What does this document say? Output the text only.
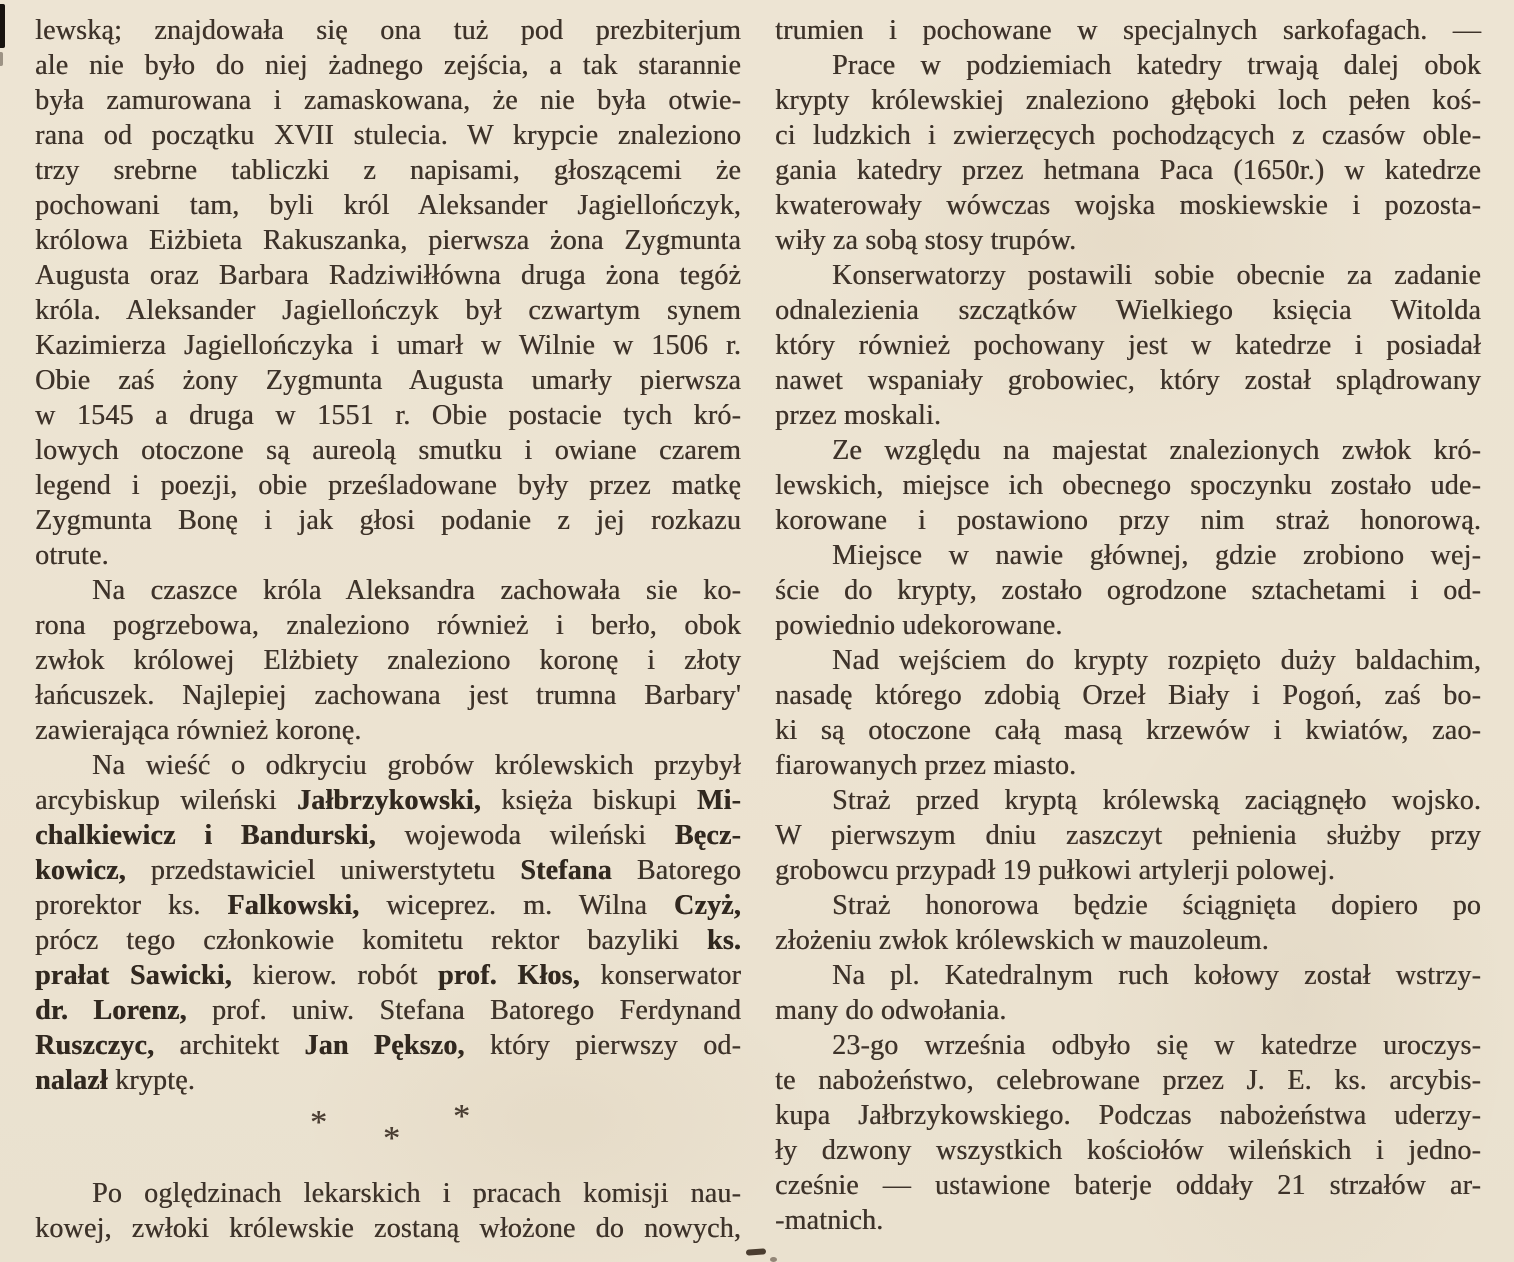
lewską; znajdowała się ona tuż pod prezbiterjum
ale nie było do niej żadnego zejścia, a tak starannie
była zamurowana i zamaskowana, że nie była otwie-
rana od początku XVII stulecia. W krypcie znaleziono
trzy srebrne tabliczki z napisami, głoszącemi że
pochowani tam, byli król Aleksander Jagiellończyk,
królowa Eiżbieta Rakuszanka, pierwsza żona Zygmunta
Augusta oraz Barbara Radziwiłłówna druga żona tegóż
króla. Aleksander Jagiellończyk był czwartym synem
Kazimierza Jagiellończyka i umarł w Wilnie w 1506 r.
Obie zaś żony Zygmunta Augusta umarły pierwsza
w 1545 a druga w 1551 r. Obie postacie tych kró-
lowych otoczone są aureolą smutku i owiane czarem
legend i poezji, obie prześladowane były przez matkę
Zygmunta Bonę i jak głosi podanie z jej rozkazu
otrute.
Na czaszce króla Aleksandra zachowała sie ko-
rona pogrzebowa, znaleziono również i berło, obok
zwłok królowej Elżbiety znaleziono koronę i złoty
łańcuszek. Najlepiej zachowana jest trumna Barbary'
zawierająca również koronę.
Na wieść o odkryciu grobów królewskich przybył
arcybiskup wileński Jałbrzykowski, księża biskupi Mi-
chalkiewicz i Bandurski, wojewoda wileński Bęcz-
kowicz, przedstawiciel uniwerstytetu Stefana Batorego
prorektor ks. Falkowski, wiceprez. m. Wilna Czyż,
prócz tego członkowie komitetu rektor bazyliki ks.
prałat Sawicki, kierow. robót prof. Kłos, konserwator
dr. Lorenz, prof. uniw. Stefana Batorego Ferdynand
Ruszczyc, architekt Jan Pększo, który pierwszy od-
nalazł kryptę.
*	*
*
Po oględzinach lekarskich i pracach komisji nau-
kowej, zwłoki królewskie zostaną włożone do nowych,
trumien i pochowane w specjalnych sarkofagach. —
Prace w podziemiach katedry trwają dalej obok
krypty królewskiej znaleziono głęboki loch pełen koś-
ci ludzkich i zwierzęcych pochodzących z czasów oble-
gania katedry przez hetmana Paca (1650r.) w katedrze
kwaterowały wówczas wojska moskiewskie i pozosta-
wiły za sobą stosy trupów.
Konserwatorzy postawili sobie obecnie za zadanie
odnalezienia szczątków Wielkiego księcia Witolda
który również pochowany jest w katedrze i posiadał
nawet wspaniały grobowiec, który został splądrowany
przez moskali.
Ze względu na majestat znalezionych zwłok kró-
lewskich, miejsce ich obecnego spoczynku zostało ude-
korowane i postawiono przy nim straż honorową.
Miejsce w nawie głównej, gdzie zrobiono wej-
ście do krypty, zostało ogrodzone sztachetami i od-
powiednio udekorowane.
Nad wejściem do krypty rozpięto duży baldachim,
nasadę którego zdobią Orzeł Biały i Pogoń, zaś bo-
ki są otoczone całą masą krzewów i kwiatów, zao-
fiarowanych przez miasto.
Straż przed kryptą królewską zaciągnęło wojsko.
W pierwszym dniu zaszczyt pełnienia służby przy
grobowcu przypadł 19 pułkowi artylerji polowej.
Straż honorowa będzie ściągnięta dopiero po
złożeniu zwłok królewskich w mauzoleum.
Na pl. Katedralnym ruch kołowy został wstrzy-
many do odwołania.
23-go września odbyło się w katedrze uroczys-
te nabożeństwo, celebrowane przez J. E. ks. arcybis-
kupa Jałbrzykowskiego. Podczas nabożeństwa uderzy-
ły dzwony wszystkich kościołów wileńskich i jedno-
cześnie — ustawione baterje oddały 21 strzałów ar-
-matnich.
